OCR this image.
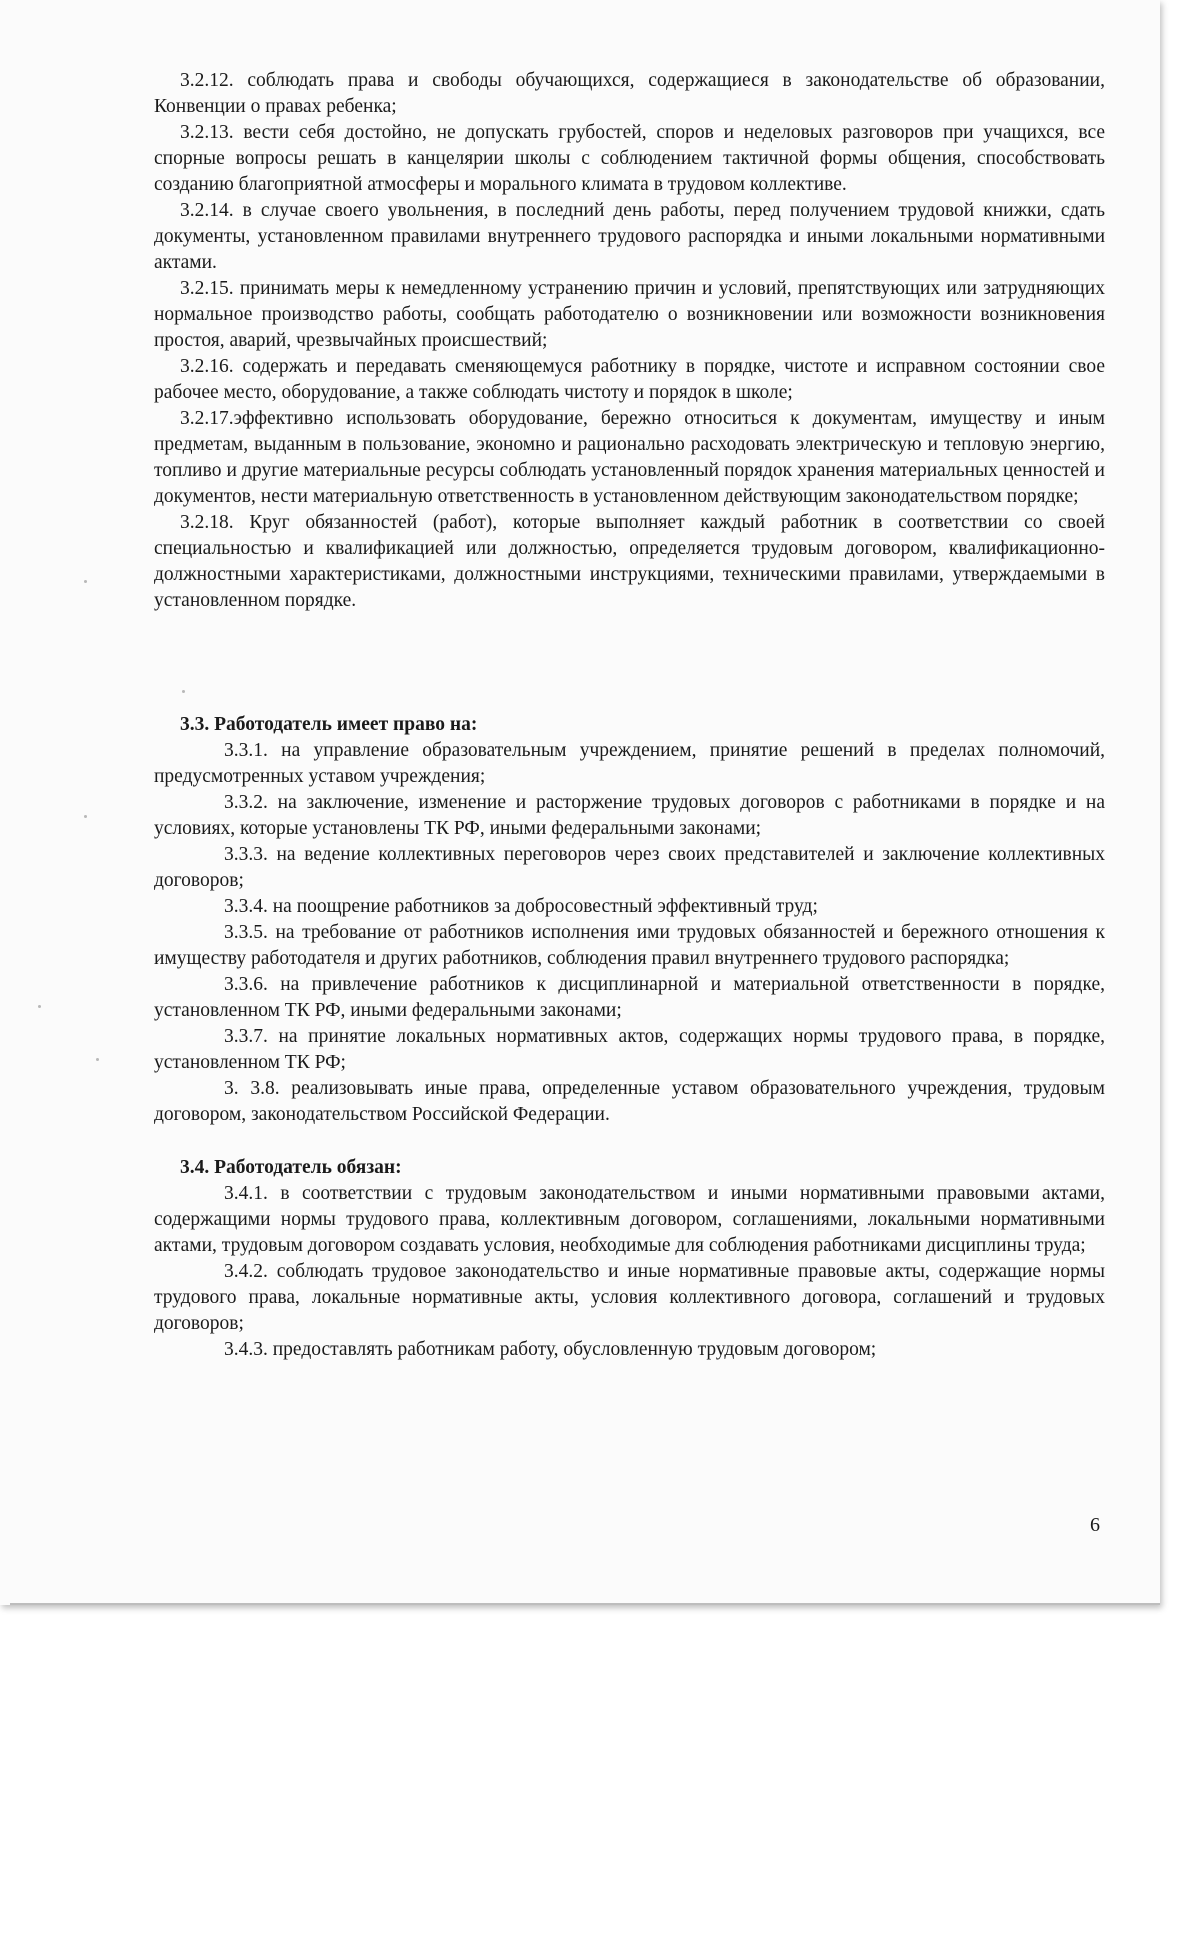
3.2.12. соблюдать права и свободы обучающихся, содержащиеся в законодательстве об образовании, Конвенции о правах ребенка;

3.2.13. вести себя достойно, не допускать грубостей, споров и неделовых разговоров при учащихся, все спорные вопросы решать в канцелярии школы с соблюдением тактичной формы общения, способствовать созданию благоприятной атмосферы и морального климата в трудовом коллективе.

3.2.14. в случае своего увольнения, в последний день работы, перед получением трудовой книжки, сдать документы, установленном правилами внутреннего трудового распорядка и иными локальными нормативными актами.

3.2.15. принимать меры к немедленному устранению причин и условий, препятствующих или затрудняющих нормальное производство работы, сообщать работодателю о возникновении или возможности возникновения простоя, аварий, чрезвычайных происшествий;

3.2.16. содержать и передавать сменяющемуся работнику в порядке, чистоте и исправном состоянии свое рабочее место, оборудование, а также соблюдать чистоту и порядок в школе;

3.2.17.эффективно использовать оборудование, бережно относиться к документам, имуществу и иным предметам, выданным в пользование, экономно и рационально расходовать электрическую и тепловую энергию, топливо и другие материальные ресурсы соблюдать установленный порядок хранения материальных ценностей и документов, нести материальную ответственность в установленном действующим законодательством порядке;

3.2.18. Круг обязанностей (работ), которые выполняет каждый работник в соответствии со своей специальностью и квалификацией или должностью, определяется трудовым договором, квалификационно-должностными характеристиками, должностными инструкциями, техническими правилами, утверждаемыми в установленном порядке.

3.3. Работодатель имеет право на:

3.3.1. на управление образовательным учреждением, принятие решений в пределах полномочий, предусмотренных уставом учреждения;

3.3.2. на заключение, изменение и расторжение трудовых договоров с работниками в порядке и на условиях, которые установлены ТК РФ, иными федеральными законами;

3.3.3. на ведение коллективных переговоров через своих представителей и заключение коллективных договоров;

3.3.4. на поощрение работников за добросовестный эффективный труд;

3.3.5. на требование от работников исполнения ими трудовых обязанностей и бережного отношения к имуществу работодателя и других работников, соблюдения правил внутреннего трудового распорядка;

3.3.6. на привлечение работников к дисциплинарной и материальной ответственности в порядке, установленном ТК РФ, иными федеральными законами;

3.3.7. на принятие локальных нормативных актов, содержащих нормы трудового права, в порядке, установленном ТК РФ;

3. 3.8. реализовывать иные права, определенные уставом образовательного учреждения, трудовым договором, законодательством Российской Федерации.

3.4. Работодатель обязан:

3.4.1. в соответствии с трудовым законодательством и иными нормативными правовыми актами, содержащими нормы трудового права, коллективным договором, соглашениями, локальными нормативными актами, трудовым договором создавать условия, необходимые для соблюдения работниками дисциплины труда;

3.4.2. соблюдать трудовое законодательство и иные нормативные правовые акты, содержащие нормы трудового права, локальные нормативные акты, условия коллективного договора, соглашений и трудовых договоров;

3.4.3. предоставлять работникам работу, обусловленную трудовым договором;

6
